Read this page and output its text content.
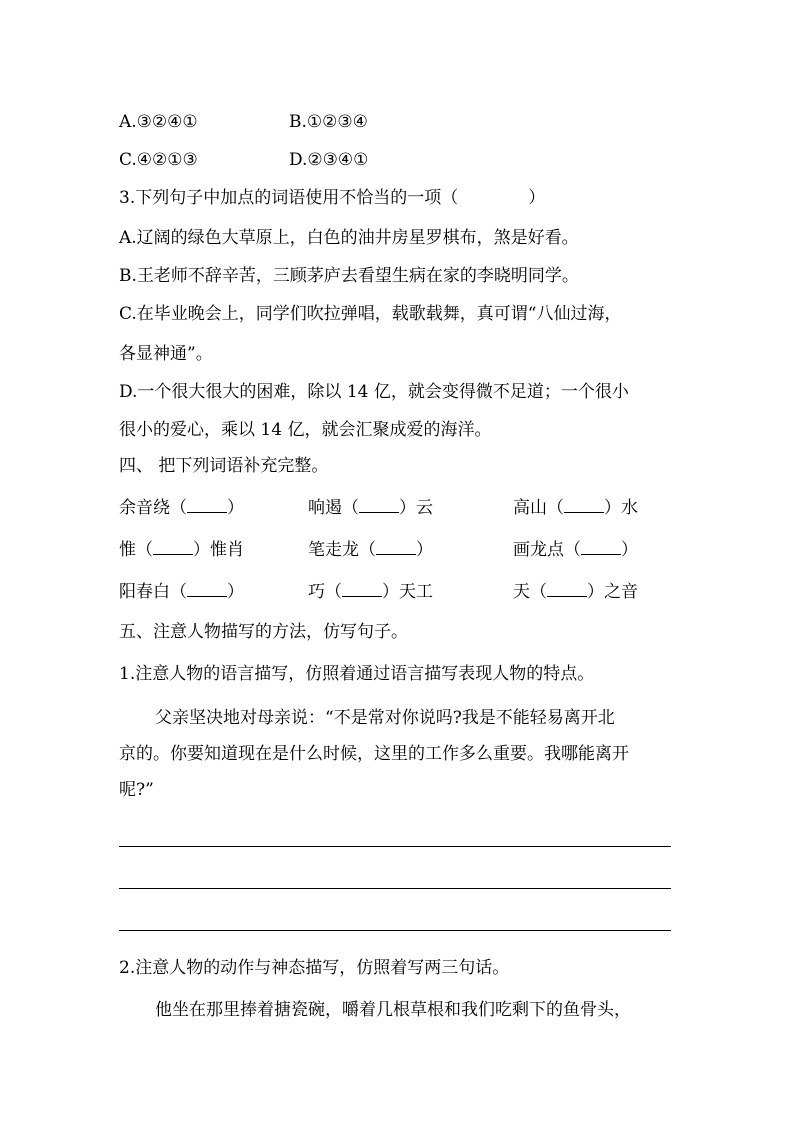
A.③②④①	B.①②③④
C.④②①③	D.②③④①
3.下列句子中加点的词语使用不恰当的一项（	）
A.辽阔的绿色大草原上，白色的油井房星罗棋布，煞是好看。
B.王老师不辞辛苦，三顾茅庐去看望生病在家的李晓明同学。
C.在毕业晚会上，同学们吹拉弹唱，载歌载舞，真可谓“八仙过海，
各显神通”。
D.一个很大很大的困难，除以 14 亿，就会变得微不足道；一个很小
很小的爱心，乘以 14 亿，就会汇聚成爱的海洋。
四、 把下列词语补充完整。
余音绕（ ）	响遏（ ）云	高山（ ）水
惟（ ）惟肖	笔走龙（ ）	画龙点（ ）
阳春白（ ）	巧（ ）天工	天（ ）之音
五、注意人物描写的方法，仿写句子。
1.注意人物的语言描写，仿照着通过语言描写表现人物的特点。
父亲坚决地对母亲说：“不是常对你说吗?我是不能轻易离开北
京的。你要知道现在是什么时候，这里的工作多么重要。我哪能离开
呢?”
2.注意人物的动作与神态描写，仿照着写两三句话。
他坐在那里捧着搪瓷碗，嚼着几根草根和我们吃剩下的鱼骨头，
